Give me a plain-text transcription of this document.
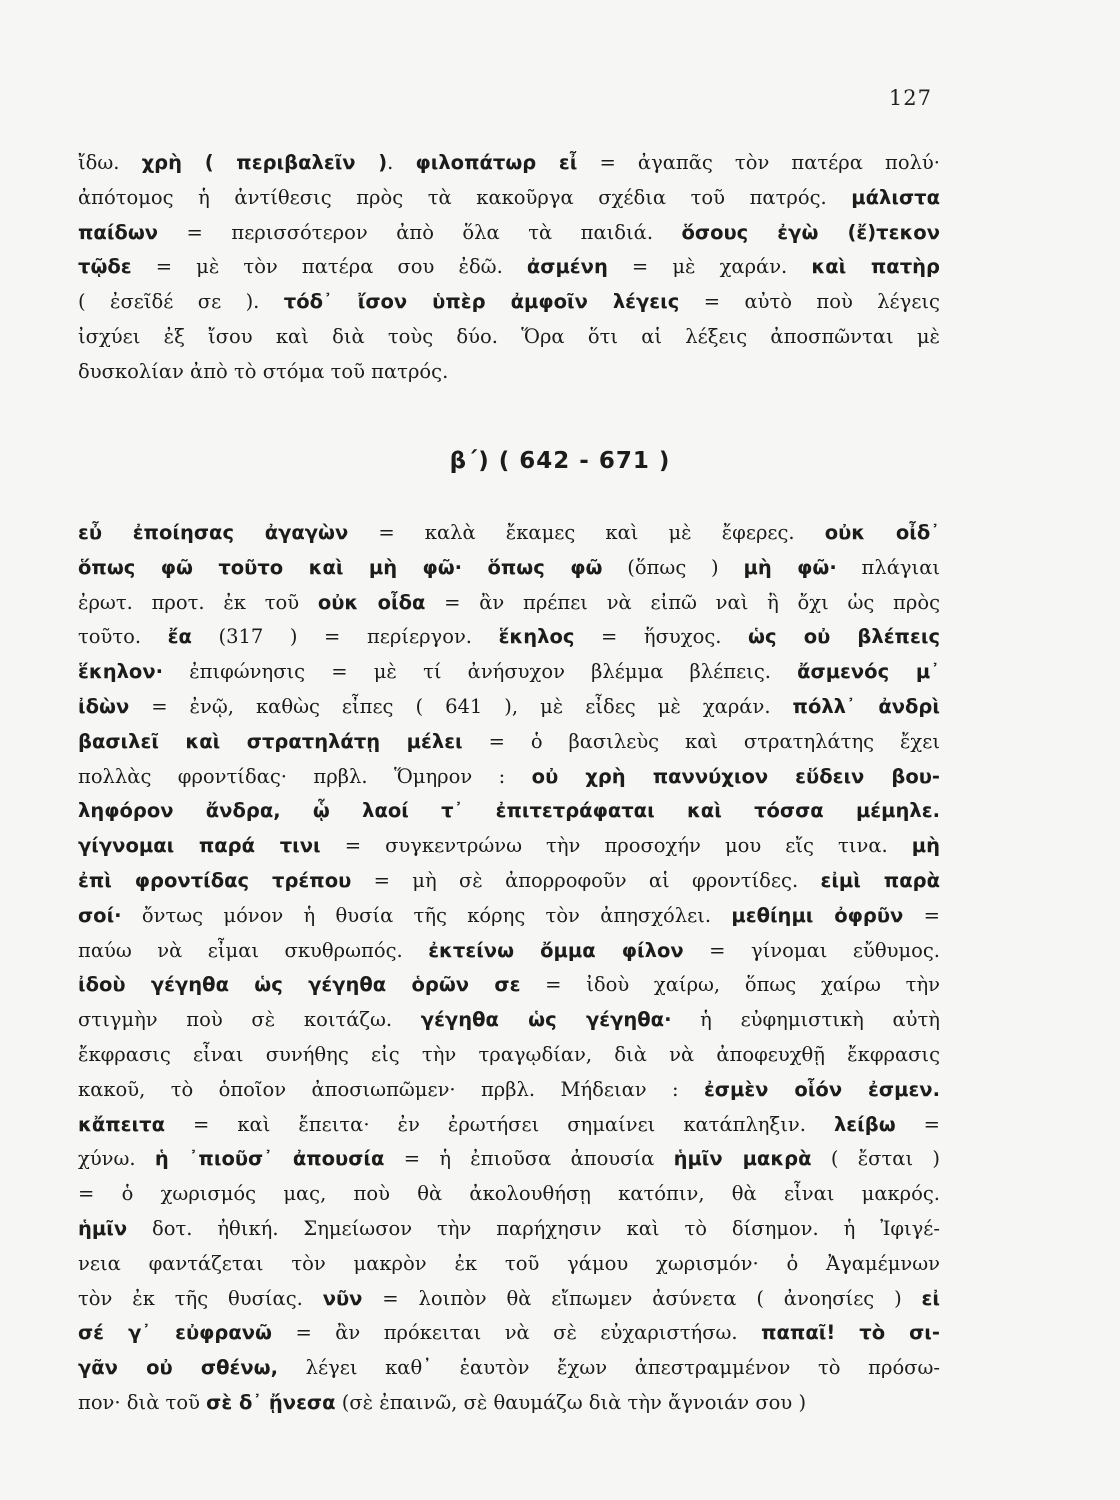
127
ἴδω. χρὴ ( περιβαλεῖν ). φιλοπάτωρ εἶ = ἀγαπᾶς τὸν πατέρα πολύ·
ἀπότομος ἡ ἀντίθεσις πρὸς τὰ κακοῦργα σχέδια τοῦ πατρός. μάλιστα
παίδων = περισσότερον ἀπὸ ὅλα τὰ παιδιά. ὅσους ἐγὼ (ἔ)τεκον
τῷδε = μὲ τὸν πατέρα σου ἐδῶ. ἀσμένη = μὲ χαράν. καὶ πατὴρ
( ἐσεῖδέ σε ). τόδ᾿ ἴσον ὑπὲρ ἀμφοῖν λέγεις = αὐτὸ ποὺ λέγεις
ἰσχύει ἐξ ἴσου καὶ διὰ τοὺς δύο. Ὅρα ὅτι αἱ λέξεις ἀποσπῶνται μὲ
δυσκολίαν ἀπὸ τὸ στόμα τοῦ πατρός.
β΄) ( 642 - 671 )
εὖ ἐποίησας ἀγαγὼν = καλὰ ἔκαμες καὶ μὲ ἔφερες. οὐκ οἶδ᾿
ὅπως φῶ τοῦτο καὶ μὴ φῶ· ὅπως φῶ (ὅπως ) μὴ φῶ· πλάγιαι
ἐρωτ. προτ. ἐκ τοῦ οὐκ οἶδα = ἂν πρέπει νὰ εἰπῶ ναὶ ἢ ὄχι ὡς πρὸς
τοῦτο. ἔα (317 ) = περίεργον. ἕκηλος = ἥσυχος. ὡς οὐ βλέπεις
ἕκηλον· ἐπιφώνησις = μὲ τί ἀνήσυχον βλέμμα βλέπεις. ἄσμενός μ᾿
ἰδὼν = ἐνῷ, καθὼς εἶπες ( 641 ), μὲ εἶδες μὲ χαράν. πόλλ᾿ ἀνδρὶ
βασιλεῖ καὶ στρατηλάτῃ μέλει = ὁ βασιλεὺς καὶ στρατηλάτης ἔχει
πολλὰς φροντίδας· πρβλ. Ὅμηρον : οὐ χρὴ παννύχιον εὕδειν βου-
ληφόρον ἄνδρα, ᾧ λαοί τ᾿ ἐπιτετράφαται καὶ τόσσα μέμηλε.
γίγνομαι παρά τινι = συγκεντρώνω τὴν προσοχήν μου εἴς τινα. μὴ
ἐπὶ φροντίδας τρέπου = μὴ σὲ ἀπορροφοῦν αἱ φροντίδες. εἰμὶ παρὰ
σοί· ὄντως μόνον ἡ θυσία τῆς κόρης τὸν ἀπησχόλει. μεθίημι ὀφρῦν =
παύω νὰ εἶμαι σκυθρωπός. ἐκτείνω ὄμμα φίλον = γίνομαι εὔθυμος.
ἰδοὺ γέγηθα ὡς γέγηθα ὁρῶν σε = ἰδοὺ χαίρω, ὅπως χαίρω τὴν
στιγμὴν ποὺ σὲ κοιτάζω. γέγηθα ὡς γέγηθα· ἡ εὐφημιστικὴ αὐτὴ
ἔκφρασις εἶναι συνήθης εἰς τὴν τραγῳδίαν, διὰ νὰ ἀποφευχθῇ ἔκφρασις
κακοῦ, τὸ ὁποῖον ἀποσιωπῶμεν· πρβλ. Μήδειαν : ἐσμὲν οἷόν ἐσμεν.
κἄπειτα = καὶ ἔπειτα· ἐν ἐρωτήσει σημαίνει κατάπληξιν. λείβω =
χύνω. ἡ ᾿πιοῦσ᾿ ἀπουσία = ἡ ἐπιοῦσα ἀπουσία ἡμῖν μακρὰ ( ἔσται )
= ὁ χωρισμός μας, ποὺ θὰ ἀκολουθήσῃ κατόπιν, θὰ εἶναι μακρός.
ἡμῖν δοτ. ἠθική. Σημείωσον τὴν παρήχησιν καὶ τὸ δίσημον. ἡ Ἰφιγέ-
νεια φαντάζεται τὸν μακρὸν ἐκ τοῦ γάμου χωρισμόν· ὁ Ἀγαμέμνων
τὸν ἐκ τῆς θυσίας. νῦν = λοιπὸν θὰ εἴπωμεν ἀσύνετα ( ἀνοησίες ) εἰ
σέ γ᾿ εὐφρανῶ = ἂν πρόκειται νὰ σὲ εὐχαριστήσω. παπαῖ! τὸ σι-
γᾶν οὐ σθένω, λέγει καθ᾿ ἑαυτὸν ἔχων ἀπεστραμμένον τὸ πρόσω-
πον· διὰ τοῦ σὲ δ᾿ ᾔνεσα (σὲ ἐπαινῶ, σὲ θαυμάζω διὰ τὴν ἄγνοιάν σου )
